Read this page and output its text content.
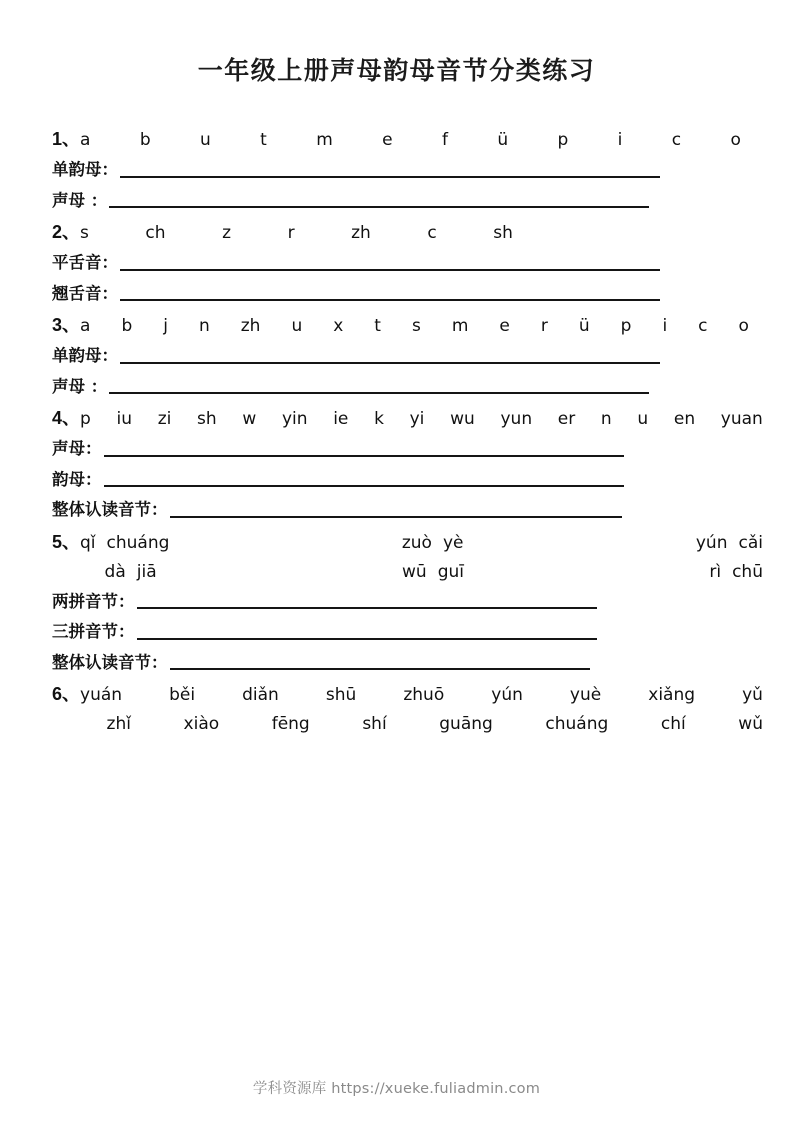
一年级上册声母韵母音节分类练习
1、 a	b	u	t	m	e	f	ü	p	i	c	o
单韵母：
声母 ：
2、 s	ch	z	r	zh	c	sh
平舌音：
翘舌音：
3、 a b j n zh u x t s m e r ü p i c o
单韵母：
声母 ：
4、 p iu zi sh w yin ie k yi wu yun er n u en yuan
声母：
韵母：
整体认读音节：
5、 qǐ chuáng	zuò yè	yún cǎi
dà jiā	wū guī	rì chū
两拼音节：
三拼音节：
整体认读音节：
6、 yuán	běi	diǎn	shū	zhuō	yún	yuè	xiǎng	yǔ
zhǐ	xiào	fēng	shí	guāng	chuáng	chí	wǔ
学科资源库 https://xueke.fuliadmin.com
